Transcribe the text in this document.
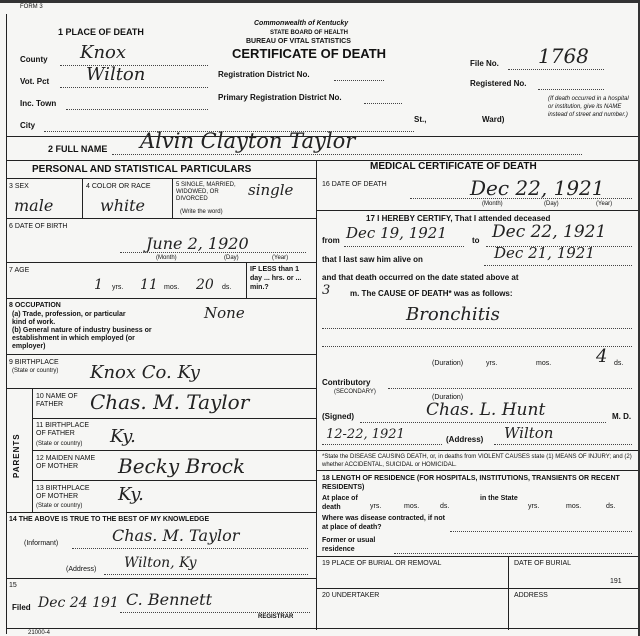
FORM 3
1 PLACE OF DEATH
Commonwealth of Kentucky
STATE BOARD OF HEALTH
BUREAU OF VITAL STATISTICS
CERTIFICATE OF DEATH
County Knox
Vot. Pct Wilton
Inc. Town
City
Registration District No.
Primary Registration District No.
St.,	Ward)
File No. 1768
Registered No.
(If death occurred in a hospital or institution, give its NAME instead of street and number.)
2 FULL NAME Alvin Clayton Taylor
PERSONAL AND STATISTICAL PARTICULARS	MEDICAL CERTIFICATE OF DEATH
3 SEX
male
4 COLOR OR RACE
white
5 SINGLE, MARRIED, WIDOWED, OR DIVORCED
(Write the word)
single
6 DATE OF BIRTH
June 2, 1920
(Month)	(Day)	(Year)
7 AGE
1 yrs. 11 mos. 20 ds.
IF LESS than 1 day ... hrs. or ... min.?
8 OCCUPATION
(a) Trade, profession, or particular kind of work.
(b) General nature of industry business or establishment in which employed (or employer)
None
9 BIRTHPLACE
(State or country) Knox Co. Ky
PARENTS
10 NAME OF FATHER	Chas. M. Taylor
11 BIRTHPLACE OF FATHER
(State or country) Ky.
12 MAIDEN NAME OF MOTHER	Becky Brock
13 BIRTHPLACE OF MOTHER
(State or country)
Ky.
14 THE ABOVE IS TRUE TO THE BEST OF MY KNOWLEDGE
(Informant)	Chas. M. Taylor
(Address) Wilton, Ky
15
Filed Dec 24 191 C. Bennett
REGISTRAR
16 DATE OF DEATH	Dec 22, 1921
(Month)	(Day)	(Year)
17 I HEREBY CERTIFY, That I attended deceased
from Dec 19, 1921	to Dec 22, 1921
that I last saw him alive on	Dec 21, 1921
and that death occurred on the date stated above at
3 m. The CAUSE OF DEATH* was as follows:
Bronchitis
(Duration)	yrs.	mos. 4 ds.
Contributory
(SECONDARY)
(Duration)
(Signed)	Chas. L. Hunt	M. D.
12-22, 1921	(Address) Wilton
*State the DISEASE CAUSING DEATH, or, in deaths from VIOLENT CAUSES state (1) MEANS OF INJURY; and (2) whether ACCIDENTAL, SUICIDAL or HOMICIDAL.
18 LENGTH OF RESIDENCE (FOR HOSPITALS, INSTITUTIONS, TRANSIENTS OR RECENT RESIDENTS)
At place of death	yrs.	mos.	ds.
in the State
yrs.	mos.	ds.
Where was disease contracted, if not at place of death?
Former or usual residence
19 PLACE OF BURIAL OR REMOVAL	DATE OF BURIAL
191
20 UNDERTAKER	ADDRESS
21000-4
